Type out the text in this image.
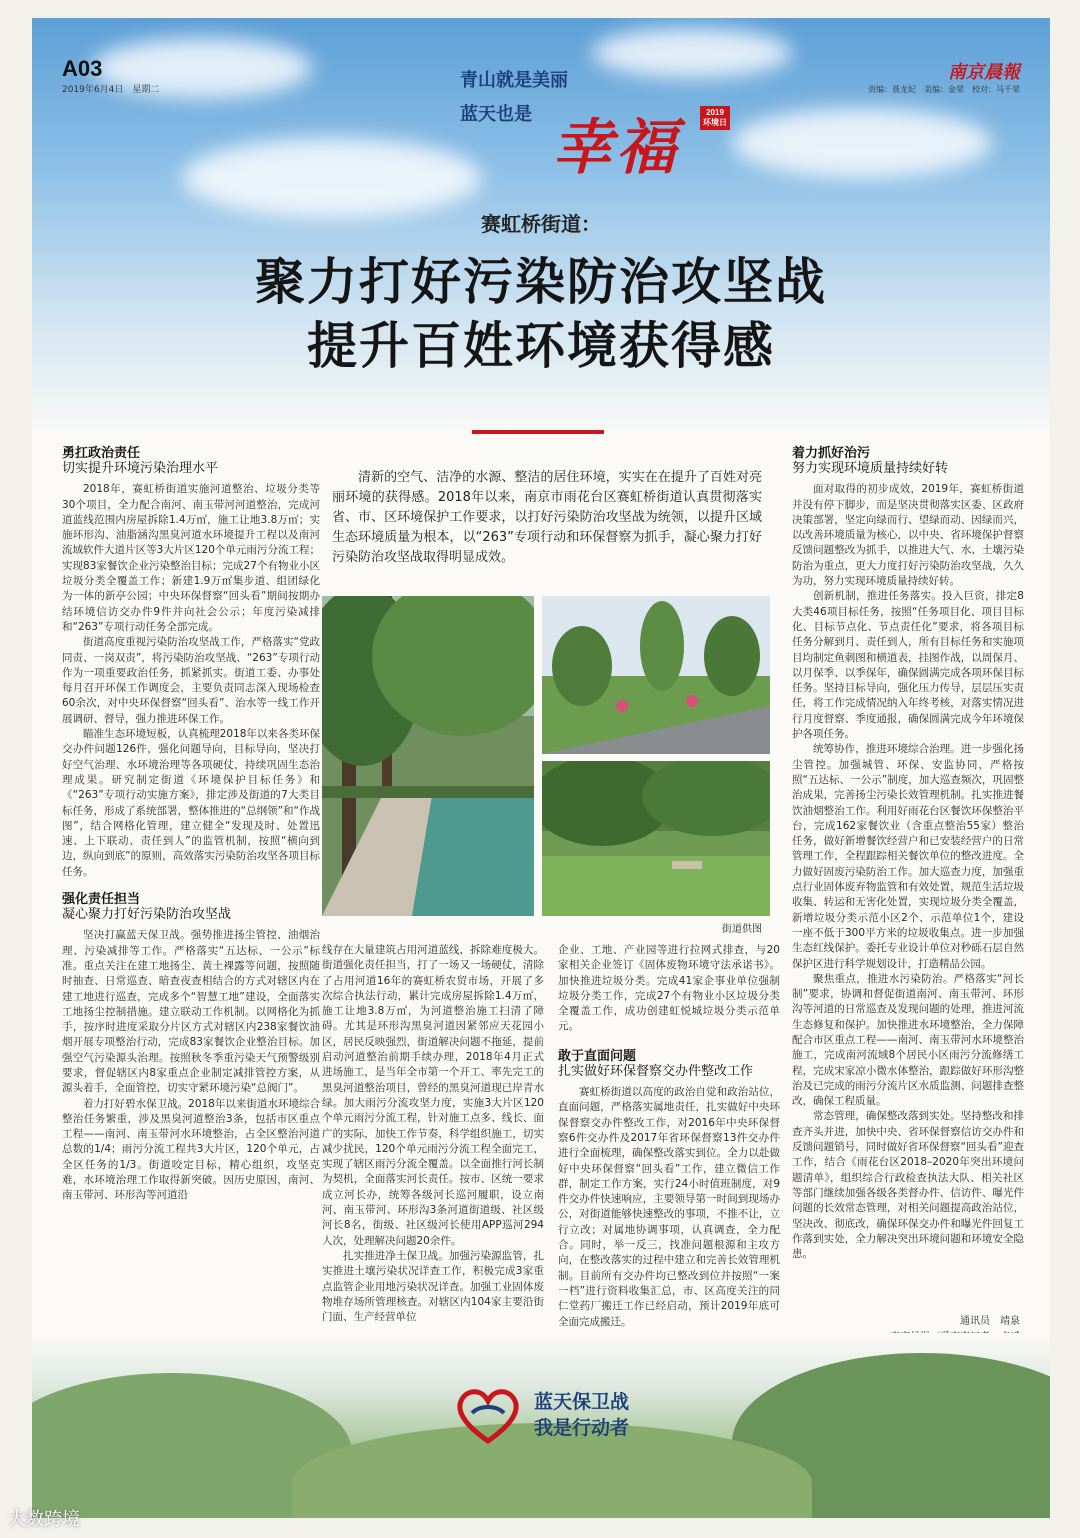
A03
2019年6月4日　星期二	青山就是美丽
蓝天也是 幸福
2019 环境日
南京晨報
责编：聂龙妃　美编：金荣　校对：马千荣
赛虹桥街道：
聚力打好污染防治攻坚战
提升百姓环境获得感
勇扛政治责任
切实提升环境污染治理水平

2018年，赛虹桥街道实施河道整治、垃圾分类等30个项目，全力配合南河、南玉带河河道整治，完成河道蓝线范围内房屋拆除1.4万㎡，施工让地3.8万㎡；实施环形沟、油脂涵沟黑臭河道水环境提升工程以及南河流域软件大道片区等3大片区120个单元雨污分流工程；实现83家餐饮企业污染整治目标；完成27个有物业小区垃圾分类全覆盖工作；新建1.9万㎡集步道、组团绿化为一体的新亭公园；中央环保督察“回头看”期间按期办结环境信访交办件9件并向社会公示；年度污染减排和“263”专项行动任务全部完成。

街道高度重视污染防治攻坚战工作，严格落实“党政同责、一岗双责”，将污染防治攻坚战、“263”专项行动作为一项重要政治任务，抓紧抓实。街道工委、办事处每月召开环保工作调度会，主要负责同志深入现场检查60余次，对中央环保督察“回头看”、治水等一线工作开展调研、督导，强力推进环保工作。

瞄准生态环境短板，认真梳理2018年以来各类环保交办件问题126件，强化问题导向，目标导向，坚决打好空气治理、水环境治理等各项硬仗，持续巩固生态治理成果。研究制定街道《环境保护目标任务》和《“263”专项行动实施方案》，排定涉及街道的7大类目标任务，形成了系统部署，整体推进的“总纲领”和“作战图”，结合网格化管理，建立健全“发现及时、处置迅速、上下联动、责任到人”的监管机制，按照“横向到边，纵向到底”的原则，高效落实污染防治攻坚各项目标任务。

强化责任担当
凝心聚力打好污染防治攻坚战

坚决打赢蓝天保卫战。强势推进扬尘管控、油烟治理、污染减排等工作。严格落实“五达标、一公示”标准。重点关注在建工地扬尘、黄土裸露等问题，按照随时抽查、日常巡查、暗查夜查相结合的方式对辖区内在建工地进行巡查，完成多个“智慧工地”建设，全面落实工地扬尘控制措施。建立联动工作机制。以网格化为抓手，按序时进度采取分片区方式对辖区内238家餐饮油烟开展专项整治行动，完成83家餐饮企业整治目标。加强空气污染源头治理。按照秋冬季重污染天气预警级别要求，督促辖区内8家重点企业制定减排管控方案，从源头着手，全面管控，切实守紧环境污染“总阀门”。

着力打好碧水保卫战。2018年以来街道水环境综合整治任务繁重，涉及黑臭河道整治3条，包括市区重点工程——南河、南玉带河水环境整治，占全区整治河道总数的1/4；雨污分流工程共3大片区，120个单元，占全区任务的1/3。街道咬定目标，精心组织，攻坚克难，水环境治理工作取得新突破。因历史原因，南河、南玉带河、环形沟等河道沿

清新的空气、洁净的水源、整洁的居住环境，实实在在提升了百姓对亮丽环境的获得感。2018年以来，南京市雨花台区赛虹桥街道认真贯彻落实省、市、区环境保护工作要求，以打好污染防治攻坚战为统领，以提升区域生态环境质量为根本，以“263”专项行动和环保督察为抓手，凝心聚力打好污染防治攻坚战取得明显成效。

街道供图

线存在大量建筑占用河道蓝线，拆除难度极大。街道强化责任担当，打了一场又一场硬仗，清除了占用河道16年的赛虹桥农贸市场，开展了多次综合执法行动，累计完成房屋拆除1.4万㎡，施工让地3.8万㎡，为河道整治施工扫清了障碍。尤其是环形沟黑臭河道因紧邻应天花园小区，居民反映强烈，街道解决问题不拖延，提前启动河道整治前期手续办理，2018年4月正式进场施工，是当年全市第一个开工、率先完工的黑臭河道整治项目，曾经的黑臭河道现已岸青水绿。加大雨污分流攻坚力度，实施3大片区120个单元雨污分流工程，针对施工点多、线长、面广的实际，加快工作节奏，科学组织施工，切实减少扰民，120个单元雨污分流工程全面完工，实现了辖区雨污分流全覆盖。以全面推行河长制为契机，全面落实河长责任。按市、区统一要求成立河长办，统筹各级河长巡河履职，设立南河、南玉带河、环形沟3条河道街道级、社区级河长8名，街级、社区级河长使用APP巡河294人次，处理解决问题20余件。

扎实推进净土保卫战。加强污染源监管，扎实推进土壤污染状况详查工作，积极完成3家重点监管企业用地污染状况详查。加强工业固体废物堆存场所管理核查。对辖区内104家主要沿街门面、生产经营单位

企业、工地、产业园等进行拉网式排查，与20家相关企业签订《固体废物环境守法承诺书》。加快推进垃圾分类。完成41家企事业单位强制垃圾分类工作，完成27个有物业小区垃圾分类全覆盖工作，成功创建虹悦城垃圾分类示范单元。

敢于直面问题
扎实做好环保督察交办件整改工作

赛虹桥街道以高度的政治自觉和政治站位，直面问题，严格落实属地责任，扎实做好中央环保督察交办件整改工作，对2016年中央环保督察6件交办件及2017年省环保督察13件交办件进行全面梳理，确保整改落实到位。全力以赴做好中央环保督察“回头看”工作，建立微信工作群，制定工作方案，实行24小时值班制度，对9件交办件快速响应，主要领导第一时间到现场办公，对街道能够快速整改的事项，不推不让，立行立改；对属地协调事项，认真调查，全力配合。同时，举一反三，找准问题根源和主攻方向，在整改落实的过程中建立和完善长效管理机制。目前所有交办件均已整改到位并按照“一案一档”进行资料收集汇总，市、区高度关注的同仁堂药厂搬迁工作已经启动，预计2019年底可全面完成搬迁。

着力抓好治污
努力实现环境质量持续好转

面对取得的初步成效，2019年，赛虹桥街道并没有停下脚步，而是坚决贯彻落实区委、区政府决策部署，坚定向绿而行、望绿而动、因绿而兴，以改善环境质量为核心，以中央、省环境保护督察反馈问题整改为抓手，以推进大气、水、土壤污染防治为重点，更大力度打好污染防治攻坚战，久久为功，努力实现环境质量持续好转。

创新机制，推进任务落实。投入巨资，排定8大类46项目标任务，按照“任务项目化、项目目标化、目标节点化、节点责任化”要求，将各项目标任务分解到月、责任到人，所有目标任务和实施项目均制定鱼刺图和横道表，挂图作战，以周保月、以月保季、以季保年，确保圆满完成各项环保目标任务。坚持目标导向，强化压力传导，层层压实责任，将工作完成情况纳入年终考核，对落实情况进行月度督察、季度通报，确保圆满完成今年环境保护各项任务。

统筹协作，推进环境综合治理。进一步强化扬尘管控。加强城管、环保、安监协同，严格按照“五达标、一公示”制度，加大巡查频次，巩固整治成果，完善扬尘污染长效管理机制。扎实推进餐饮油烟整治工作。利用好雨花台区餐饮环保整治平台，完成162家餐饮业（含重点整治55家）整治任务，做好新增餐饮经营户和已安装经营户的日常管理工作，全程跟踪相关餐饮单位的整改进度。全力做好固废污染防治工作。加大巡查力度，加强重点行业固体废弃物监管和有效处置，规范生活垃圾收集、转运和无害化处置，实现垃圾分类全覆盖，新增垃圾分类示范小区2个、示范单位1个，建设一座不低于300平方米的垃圾收集点。进一步加强生态红线保护。委托专业设计单位对秒砾石层自然保护区进行科学规划设计，打造精品公园。

聚焦重点，推进水污染防治。严格落实“河长制”要求，协调和督促街道南河、南玉带河、环形沟等河道的日常巡查及发现问题的处理，推进河流生态修复和保护。加快推进水环境整治，全力保障配合市区重点工程——南河、南玉带河水环境整治施工，完成南河流域8个居民小区雨污分流修缮工程，完成宋家凉小微水体整治，跟踪做好环形沟整治及已完成的雨污分流片区水质监测、问题排查整改，确保工程质量。

常态管理，确保整改落到实处。坚持整改和排查齐头并进，加快中央、省环保督察信访交办件和反馈问题销号，同时做好省环保督察“回头看”迎查工作，结合《雨花台区2018–2020年突出环境问题清单》，组织综合行政检查执法大队、相关社区等部门继续加强各级各类督办件、信访件、曝光件问题的长效常态管理，对相关问题提高政治站位，坚决改、彻底改，确保环保交办件和曝光件回复工作落到实处，全力解决突出环境问题和环境安全隐患。

通讯员　靖泉
蓝天保卫战
我是行动者
大数跨境
